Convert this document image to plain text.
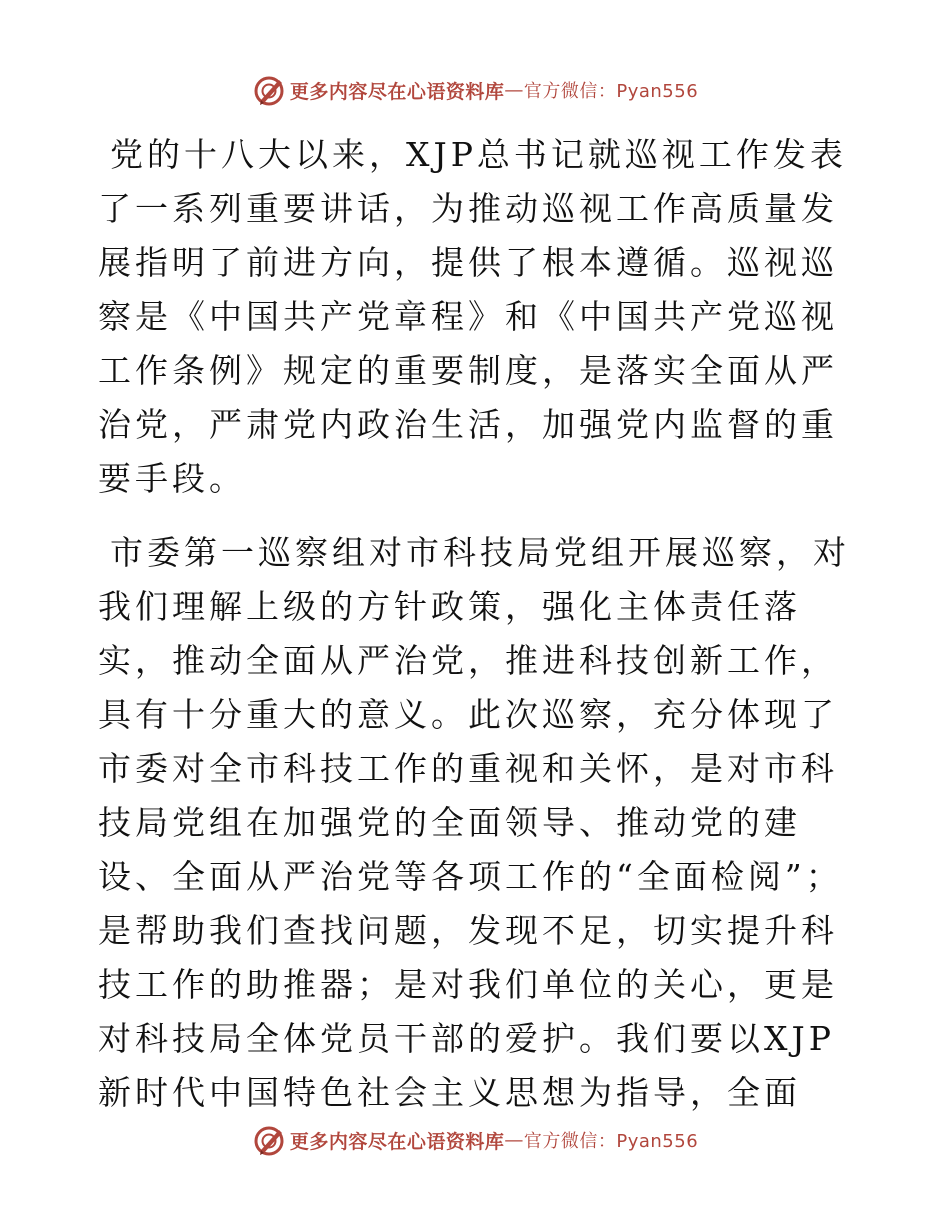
更多内容尽在心语资料库 — 官方微信：Pyan556

党的十八大以来，XJP总书记就巡视工作发表了一系列重要讲话，为推动巡视工作高质量发展指明了前进方向，提供了根本遵循。巡视巡察是《中国共产党章程》和《中国共产党巡视工作条例》规定的重要制度，是落实全面从严治党，严肃党内政治生活，加强党内监督的重要手段。

市委第一巡察组对市科技局党组开展巡察，对我们理解上级的方针政策，强化主体责任落实，推动全面从严治党，推进科技创新工作，具有十分重大的意义。此次巡察，充分体现了市委对全市科技工作的重视和关怀，是对市科技局党组在加强党的全面领导、推动党的建设、全面从严治党等各项工作的“全面检阅”；是帮助我们查找问题，发现不足，切实提升科技工作的助推器；是对我们单位的关心，更是对科技局全体党员干部的爱护。我们要以XJP新时代中国特色社会主义思想为指导，全面

更多内容尽在心语资料库 — 官方微信：Pyan556
